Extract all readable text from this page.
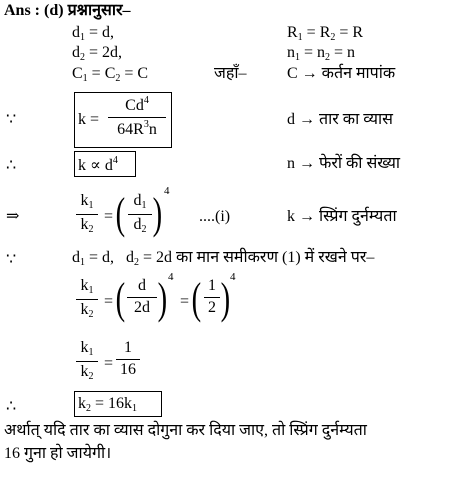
Ans : (d) प्रश्नानुसार–
$d_1 = d$,
$d_2 = 2d$,
$C_1 = C_2 = C$	जहाँ–
$R_1 = R_2 = R$
$n_1 = n_2 = n$
C → कर्तन मापांक
∵	$k = \frac{Cd^4}{64R^3n}$	d → तार का व्यास
∴	$k \propto d^4$	n → फेरों की संख्या
⇒	$\frac{k_1}{k_2}$ = ( $\frac{d_1}{d_2}$ ) 4
....(i)	k → स्प्रिंग दुर्नम्यता
∵	$d_1 = d$,   $d_2 = 2d$ का मान समीकरण (1) में रखने पर–
$\frac{k_1}{k_2}$ = ( $\frac{d}{2d}$ ) 4
= ( $\frac{1}{2}$ ) 4
$\frac{k_1}{k_2} = \frac{1}{16}$
∴	$k_2 = 16k_1$
अर्थात् यदि तार का व्यास दोगुना कर दिया जाए, तो स्प्रिंग दुर्नम्यता
16 गुना हो जायेगी।
